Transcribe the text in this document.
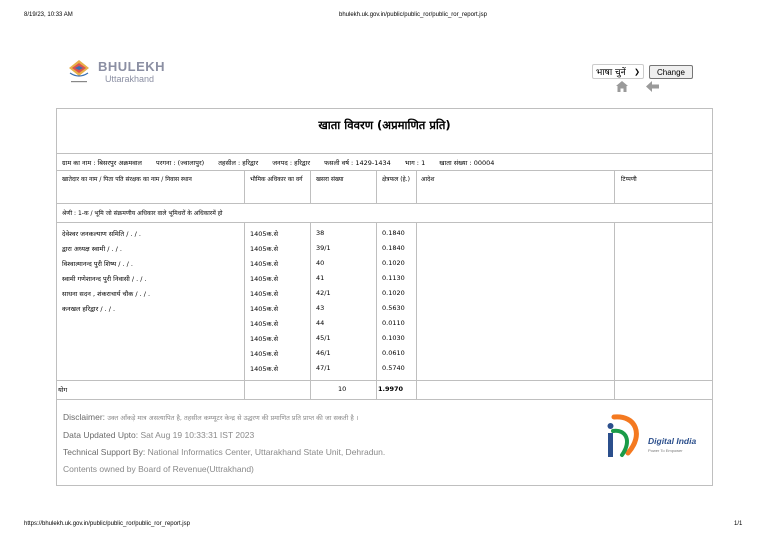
8/19/23, 10:33 AM	bhulekh.uk.gov.in/public/public_ror/public_ror_report.jsp
BHULEKH
Uttarakhand
भाषा चुनें ❯	Change
खाता विवरण (अप्रमाणित प्रति)
ग्राम का नाम : बिसरपुर अक्रमवाल परगना : (ज्वालापुर) तहसील : हरिद्वार जनपद : हरिद्वार फसली वर्ष : 1429-1434 भाग : 1 खाता संख्या : 00004
खातेदार का नाम / पिता पति संरक्षक का नाम / निवास स्थान	भौमिक अधिकार का वर्ग	खसरा संख्या	क्षेत्रफल (हे.)	आदेश	टिप्पणी
श्रेणी : 1-क / भूमि जो संक्रमणीय अधिकार वाले भूमिधरों के अधिकारमें हो
देवेश्वर जनकल्याण समिति / . / .
द्वारा अध्यक्ष स्वामी / . / .
विश्वात्मानन्द पुरी शिष्य / . / .
स्वामी गणेशानन्द पुरी निवासी / . / .
साधना सदन , शंकराचार्य चौक / . / .
कनखल हरिद्वार / . / .
1405क.से	38	0.1840
1405क.से	39/1	0.1840
1405क.से	40	0.1020
1405क.से	41	0.1130
1405क.से	42/1	0.1020
1405क.से	43	0.5630
1405क.से	44	0.0110
1405क.से	45/1	0.1030
1405क.से	46/1	0.0610
1405क.से	47/1	0.5740
योग	10	1.9970
Disclaimer: उक्त आँकड़े मात्र असत्यापित है, तहसील कम्प्यूटर केन्द्र से उद्धरण की प्रमाणित प्रति प्राप्त की जा सकती है ।
Data Updated Upto: Sat Aug 19 10:33:31 IST 2023
Technical Support By: National Informatics Center, Uttarakhand State Unit, Dehradun.
Contents owned by Board of Revenue(Uttrakhand)
Digital India
Power To Empower
https://bhulekh.uk.gov.in/public/public_ror/public_ror_report.jsp	1/1
